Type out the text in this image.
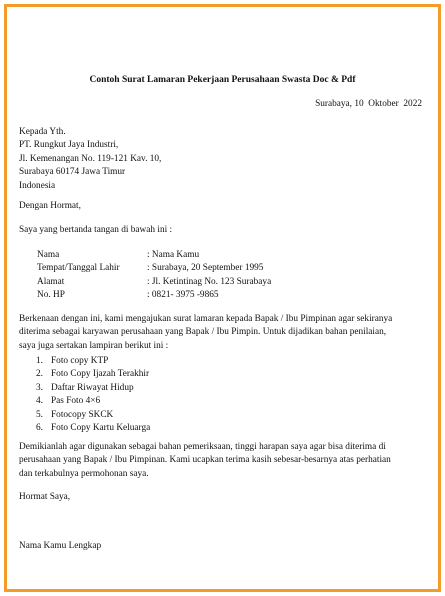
Contoh Surat Lamaran Pekerjaan Perusahaan Swasta Doc & Pdf
Surabaya, 10  Oktober  2022
Kepada Yth.
PT. Rungkut Jaya Industri,
Jl. Kemenangan No. 119-121 Kav. 10,
Surabaya 60174 Jawa Timur
Indonesia
Dengan Hormat,
Saya yang bertanda tangan di bawah ini :
Nama	: Nama Kamu
Tempat/Tanggal Lahir	: Surabaya, 20 September 1995
Alamat	: Jl. Ketintinag No. 123 Surabaya
No. HP	: 0821- 3975 -9865
Berkenaan dengan ini, kami mengajukan surat lamaran kepada Bapak / Ibu Pimpinan agar sekiranya
diterima sebagai karyawan perusahaan yang Bapak / Ibu Pimpin. Untuk dijadikan bahan penilaian,
saya juga sertakan lampiran berikut ini :
1. Foto copy KTP
2. Foto Copy Ijazah Terakhir
3. Daftar Riwayat Hidup
4. Pas Foto 4×6
5. Fotocopy SKCK
6. Foto Copy Kartu Keluarga
Demikianlah agar digunakan sebagai bahan pemeriksaan, tinggi harapan saya agar bisa diterima di
perusahaan yang Bapak / Ibu Pimpinan. Kami ucapkan terima kasih sebesar-besarnya atas perhatian
dan terkabulnya permohonan saya.
Hormat Saya,
Nama Kamu Lengkap
